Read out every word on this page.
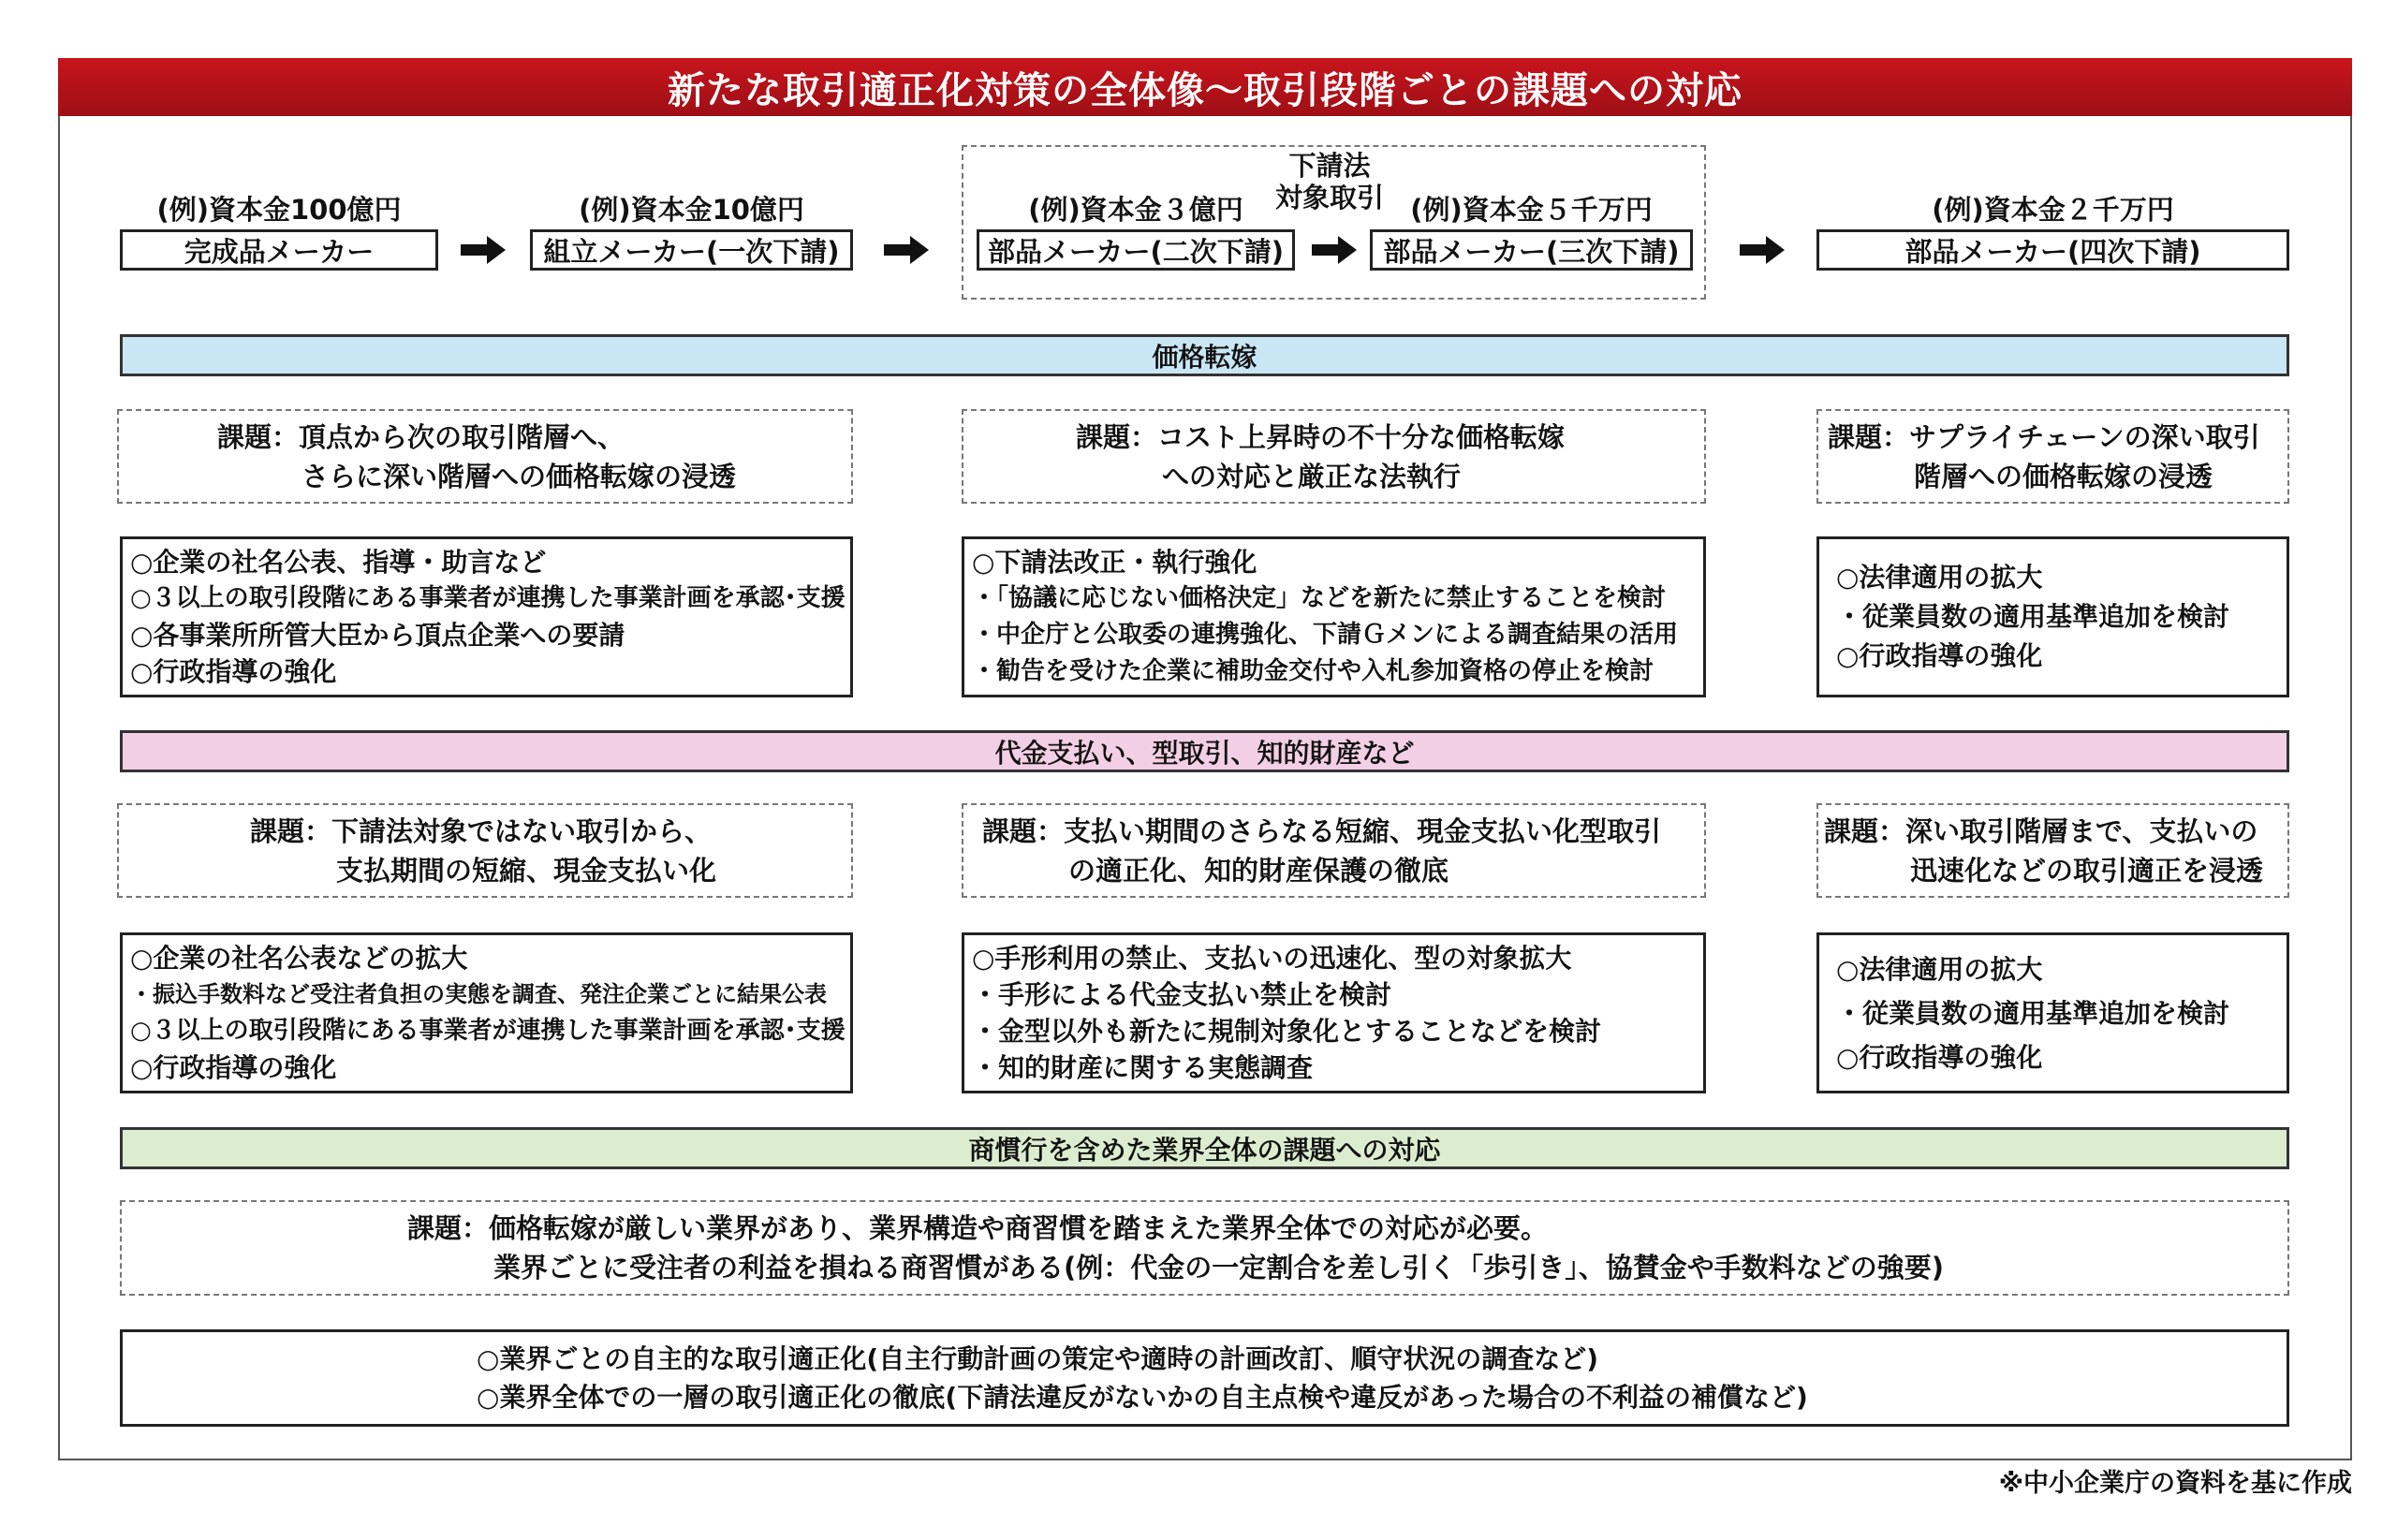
新たな取引適正化対策の全体像～取引段階ごとの課題への対応
下請法
対象取引
(例)資本金100億円
完成品メーカー
(例)資本金10億円
組立メーカー(一次下請)
(例)資本金３億円
部品メーカー(二次下請)
(例)資本金５千万円
部品メーカー(三次下請)
(例)資本金２千万円
部品メーカー(四次下請)
価格転嫁
課題：頂点から次の取引階層へ、
さらに深い階層への価格転嫁の浸透
課題：コスト上昇時の不十分な価格転嫁
への対応と厳正な法執行
課題：サプライチェーンの深い取引
階層への価格転嫁の浸透
○企業の社名公表、指導・助言など
○３以上の取引段階にある事業者が連携した事業計画を承認･支援
○各事業所所管大臣から頂点企業への要請
○行政指導の強化
○下請法改正・執行強化
・「協議に応じない価格決定」などを新たに禁止することを検討
・中企庁と公取委の連携強化、下請Ｇメンによる調査結果の活用
・勧告を受けた企業に補助金交付や入札参加資格の停止を検討
○法律適用の拡大
・従業員数の適用基準追加を検討
○行政指導の強化
代金支払い、型取引、知的財産など
課題：下請法対象ではない取引から、
支払期間の短縮、現金支払い化
課題：支払い期間のさらなる短縮、現金支払い化型取引
の適正化、知的財産保護の徹底
課題：深い取引階層まで、支払いの
迅速化などの取引適正を浸透
○企業の社名公表などの拡大
・振込手数料など受注者負担の実態を調査、発注企業ごとに結果公表
○３以上の取引段階にある事業者が連携した事業計画を承認･支援
○行政指導の強化
○手形利用の禁止、支払いの迅速化、型の対象拡大
・手形による代金支払い禁止を検討
・金型以外も新たに規制対象化とすることなどを検討
・知的財産に関する実態調査
○法律適用の拡大
・従業員数の適用基準追加を検討
○行政指導の強化
商慣行を含めた業界全体の課題への対応
課題：価格転嫁が厳しい業界があり、業界構造や商習慣を踏まえた業界全体での対応が必要。
業界ごとに受注者の利益を損ねる商習慣がある(例：代金の一定割合を差し引く「歩引き」、協賛金や手数料などの強要)
○業界ごとの自主的な取引適正化(自主行動計画の策定や適時の計画改訂、順守状況の調査など)
○業界全体での一層の取引適正化の徹底(下請法違反がないかの自主点検や違反があった場合の不利益の補償など)
※中小企業庁の資料を基に作成
